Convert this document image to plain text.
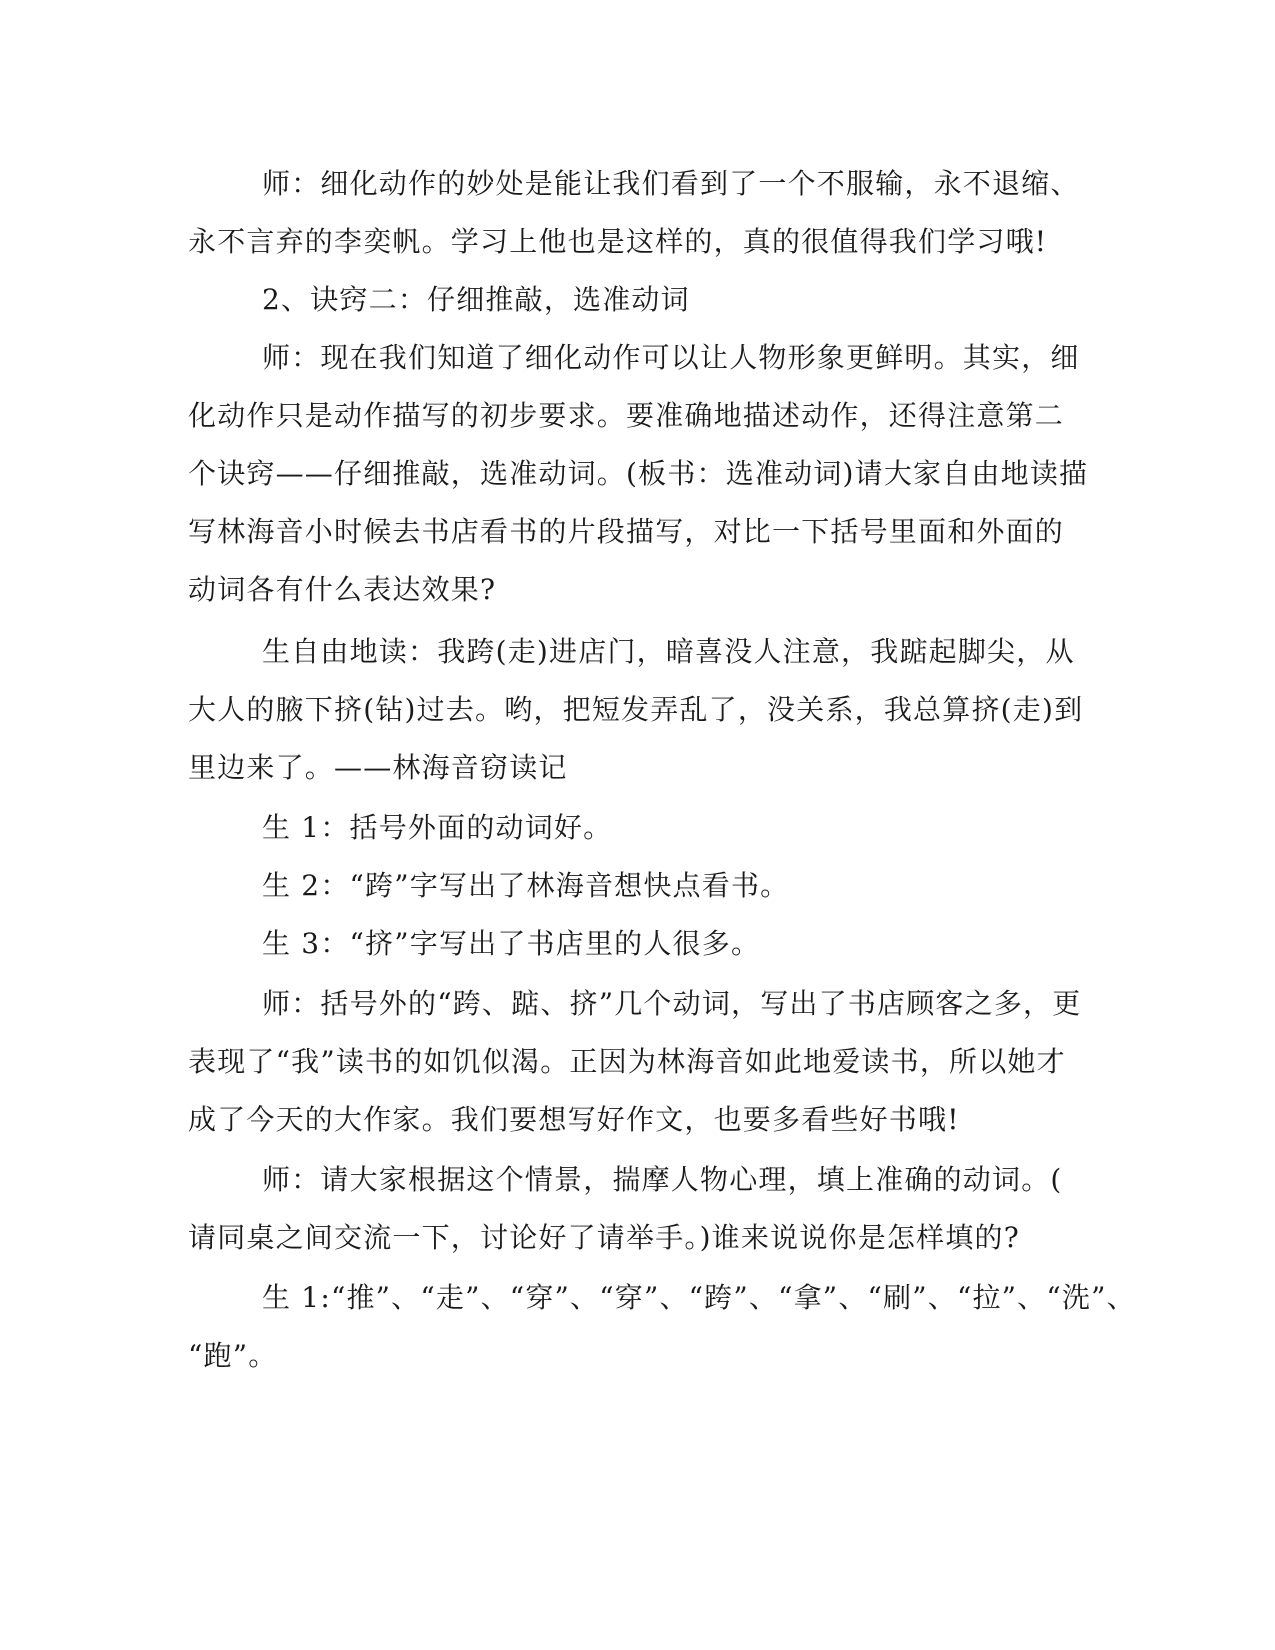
师：细化动作的妙处是能让我们看到了一个不服输，永不退缩、
永不言弃的李奕帆。学习上他也是这样的，真的很值得我们学习哦!
2、诀窍二：仔细推敲，选准动词
师：现在我们知道了细化动作可以让人物形象更鲜明。其实，细
化动作只是动作描写的初步要求。要准确地描述动作，还得注意第二
个诀窍——仔细推敲，选准动词。(板书：选准动词)请大家自由地读描
写林海音小时候去书店看书的片段描写，对比一下括号里面和外面的
动词各有什么表达效果?
生自由地读：我跨(走)进店门，暗喜没人注意，我踮起脚尖，从
大人的腋下挤(钻)过去。哟，把短发弄乱了，没关系，我总算挤(走)到
里边来了。——林海音窃读记
生 1：括号外面的动词好。
生 2：“跨”字写出了林海音想快点看书。
生 3：“挤”字写出了书店里的人很多。
师：括号外的“跨、踮、挤”几个动词，写出了书店顾客之多，更
表现了“我”读书的如饥似渴。正因为林海音如此地爱读书，所以她才
成了今天的大作家。我们要想写好作文，也要多看些好书哦!
师：请大家根据这个情景，揣摩人物心理，填上准确的动词。(
请同桌之间交流一下，讨论好了请举手。)谁来说说你是怎样填的?
生 1:“推”、“走”、“穿”、“穿”、“跨”、“拿”、“刷”、“拉”、“洗”、
“跑”。
